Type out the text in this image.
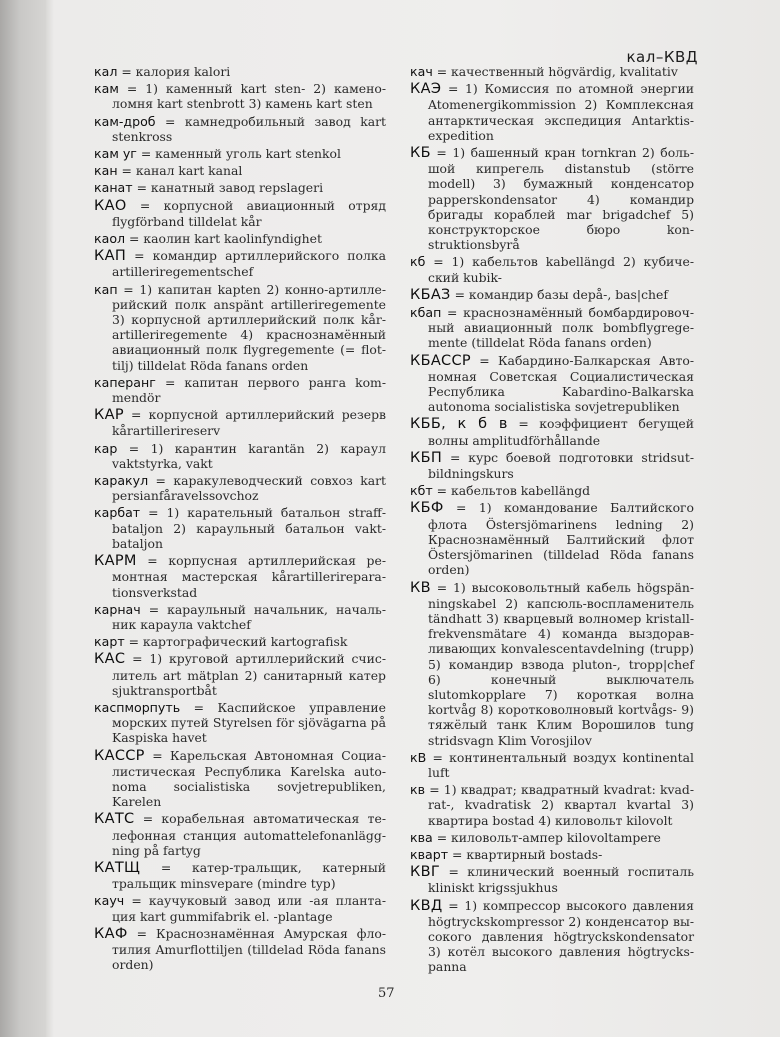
кал–КВД

кал = калория kalori

кам = 1) каменный kart sten- 2) каменоломня kart stenbrott 3) камень kart sten

кам-дроб = камнедробильный завод kart stenkross

кам уг = каменный уголь kart stenkol

кан = канал kart kanal

канат = канатный завод repslageri

КАО = корпусной авиационный отряд flygförband tilldelat kår

каол = каолин kart kaolinfyndighet

КАП = командир артиллерийского полка artilleriregementschef

кап = 1) капитан kapten 2) конно-артиллерийский полк anspänt artilleriregemente 3) корпусной артиллерийский полк kårartilleriregemente 4) краснознамённый авиационный полк flygregemente (= flottilj) tilldelat Röda fanans orden

каперанг = капитан первого ранга kommendör

КАР = корпусной артиллерийский резерв kårartillerireserv

кар = 1) карантин karantän 2) караул vaktstyrka, vakt

каракул = каракулеводческий совхоз kart persianfåravelssovchoz

карбат = 1) карательный батальон straffbataljon 2) караульный батальон vaktbataljon

КАРМ = корпусная артиллерийская ремонтная мастерская kårartillerireparationsverkstad

карнач = караульный начальник, начальник караула vaktchef

карт = картографический kartografisk

КАС = 1) круговой артиллерийский счислитель art mätplan 2) санитарный катер sjuktransportbåt

каспморпуть = Каспийское управление морских путей Styrelsen för sjövägarna på Kaspiska havet

КАССР = Карельская Автономная Социалистическая Республика Karelska autonoma socialistiska sovjetrepubliken, Karelen

КАТС = корабельная автоматическая телефонная станция automattelefonanläggning på fartyg

КАТЩ = катер-тральщик, катерный тральщик minsvepare (mindre typ)

кауч = каучуковый завод или -ая плантация kart gummifabrik el. -plantage

КАФ = Краснознамённая Амурская флотилия Amurflottiljen (tilldelad Röda fanans orden)

кач = качественный högvärdig, kvalitativ

КАЭ = 1) Комиссия по атомной энергии Atomenergikommission 2) Комплексная антарктическая экспедиция Antarktisexpedition

КБ = 1) башенный кран tornkran 2) большой кипрегель distanstub (större modell) 3) бумажный конденсатор papperskondensator 4) командир бригады кораблей mar brigadchef 5) конструкторское бюро konstruktionsbyrå

кб = 1) кабельтов kabellängd 2) кубический kubik-

КБАЗ = командир базы depå-, bas|chef

кбап = краснознамённый бомбардировочный авиационный полк bombflygregemente (tilldelat Röda fanans orden)

КБАССР = Кабардино-Балкарская Автономная Советская Социалистическая Республика Kabardino-Balkarska autonoma socialistiska sovjetrepubliken

КББ, к б в = коэффициент бегущей волны amplitudförhållande

КБП = курс боевой подготовки stridsutbildningskurs

кбт = кабельтов kabellängd

КБФ = 1) командование Балтийского флота Östersjömarinens ledning 2) Краснознамённый Балтийский флот Östersjömarinen (tilldelad Röda fanans orden)

КВ = 1) высоковольтный кабель högspänningskabel 2) капсюль-воспламенитель tändhatt 3) кварцевый волномер kristallfrekvensmätare 4) команда выздоравливающих konvalescentavdelning (trupp) 5) командир взвода pluton-, tropp|chef 6) конечный выключатель slutomkopplare 7) короткая волна kortvåg 8) коротковолновый kortvågs- 9) тяжёлый танк Клим Ворошилов tung stridsvagn Klim Vorosjilov

кВ = континентальный воздух kontinental luft

кв = 1) квадрат; квадратный kvadrat: kvadrat-, kvadratisk 2) квартал kvartal 3) квартира bostad 4) киловольт kilovolt

ква = киловольт-ампер kilovoltampere

кварт = квартирный bostads-

КВГ = клинический военный госпиталь kliniskt krigssjukhus

КВД = 1) компрессор высокого давления högtryckskompressor 2) конденсатор высокого давления högtryckskondensator 3) котёл высокого давления högtryckspanna

57
